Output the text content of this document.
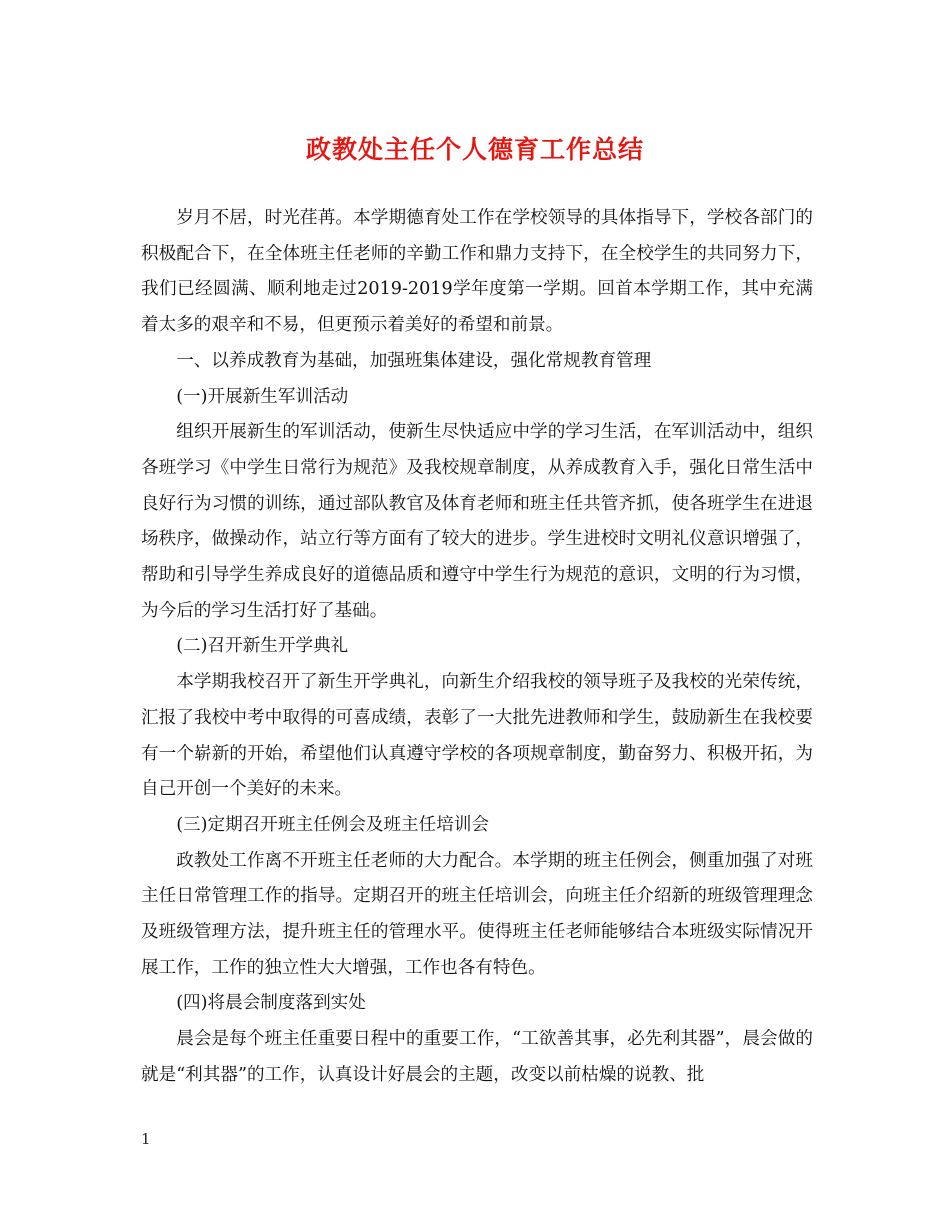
政教处主任个人德育工作总结

岁月不居，时光荏苒。本学期德育处工作在学校领导的具体指导下，学校各部门的积极配合下，在全体班主任老师的辛勤工作和鼎力支持下，在全校学生的共同努力下，我们已经圆满、顺利地走过2019-2019学年度第一学期。回首本学期工作，其中充满着太多的艰辛和不易，但更预示着美好的希望和前景。

一、以养成教育为基础，加强班集体建设，强化常规教育管理

(一)开展新生军训活动

组织开展新生的军训活动，使新生尽快适应中学的学习生活，在军训活动中，组织各班学习《中学生日常行为规范》及我校规章制度，从养成教育入手，强化日常生活中良好行为习惯的训练，通过部队教官及体育老师和班主任共管齐抓，使各班学生在进退场秩序，做操动作，站立行等方面有了较大的进步。学生进校时文明礼仪意识增强了，帮助和引导学生养成良好的道德品质和遵守中学生行为规范的意识，文明的行为习惯，为今后的学习生活打好了基础。

(二)召开新生开学典礼

本学期我校召开了新生开学典礼，向新生介绍我校的领导班子及我校的光荣传统，汇报了我校中考中取得的可喜成绩，表彰了一大批先进教师和学生，鼓励新生在我校要有一个崭新的开始，希望他们认真遵守学校的各项规章制度，勤奋努力、积极开拓，为自己开创一个美好的未来。

(三)定期召开班主任例会及班主任培训会

政教处工作离不开班主任老师的大力配合。本学期的班主任例会，侧重加强了对班主任日常管理工作的指导。定期召开的班主任培训会，向班主任介绍新的班级管理理念及班级管理方法，提升班主任的管理水平。使得班主任老师能够结合本班级实际情况开展工作，工作的独立性大大增强，工作也各有特色。

(四)将晨会制度落到实处

晨会是每个班主任重要日程中的重要工作，“工欲善其事，必先利其器”，晨会做的就是“利其器”的工作，认真设计好晨会的主题，改变以前枯燥的说教、批

1
